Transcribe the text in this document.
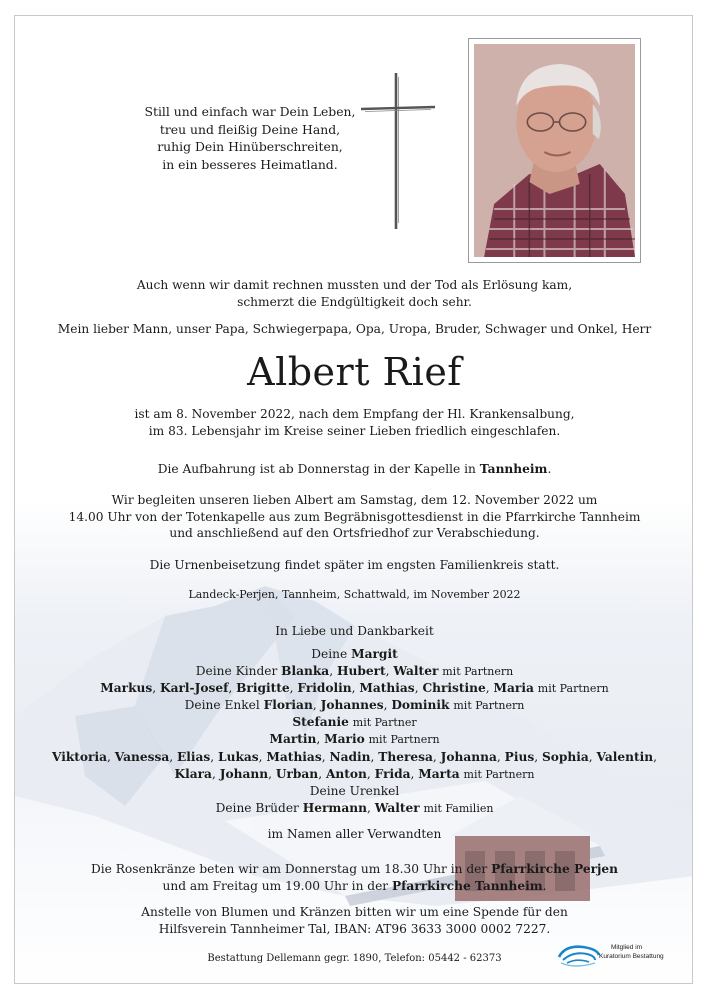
Still und einfach war Dein Leben,
treu und fleißig Deine Hand,
ruhig Dein Hinüberschreiten,
in ein besseres Heimatland.
Auch wenn wir damit rechnen mussten und der Tod als Erlösung kam,
schmerzt die Endgültigkeit doch sehr.
Mein lieber Mann, unser Papa, Schwiegerpapa, Opa, Uropa, Bruder, Schwager und Onkel, Herr
Albert Rief
ist am 8. November 2022, nach dem Empfang der Hl. Krankensalbung,
im 83. Lebensjahr im Kreise seiner Lieben friedlich eingeschlafen.
Die Aufbahrung ist ab Donnerstag in der Kapelle in Tannheim.
Wir begleiten unseren lieben Albert am Samstag, dem 12. November 2022 um
14.00 Uhr von der Totenkapelle aus zum Begräbnisgottesdienst in die Pfarrkirche Tannheim
und anschließend auf den Ortsfriedhof zur Verabschiedung.
Die Urnenbeisetzung findet später im engsten Familienkreis statt.
Landeck-Perjen, Tannheim, Schattwald, im November 2022
In Liebe und Dankbarkeit
Deine Margit
Deine Kinder Blanka, Hubert, Walter mit Partnern
Markus, Karl-Josef, Brigitte, Fridolin, Mathias, Christine, Maria mit Partnern
Deine Enkel Florian, Johannes, Dominik mit Partnern
Stefanie mit Partner
Martin, Mario mit Partnern
Viktoria, Vanessa, Elias, Lukas, Mathias, Nadin, Theresa, Johanna, Pius, Sophia, Valentin,
Klara, Johann, Urban, Anton, Frida, Marta mit Partnern
Deine Urenkel
Deine Brüder Hermann, Walter mit Familien
im Namen aller Verwandten
Die Rosenkränze beten wir am Donnerstag um 18.30 Uhr in der Pfarrkirche Perjen
und am Freitag um 19.00 Uhr in der Pfarrkirche Tannheim.
Anstelle von Blumen und Kränzen bitten wir um eine Spende für den
Hilfsverein Tannheimer Tal, IBAN: AT96 3633 3000 0002 7227.
Bestattung Dellemann gegr. 1890, Telefon: 05442 - 62373
Mitglied im
Kuratorium Bestattung
